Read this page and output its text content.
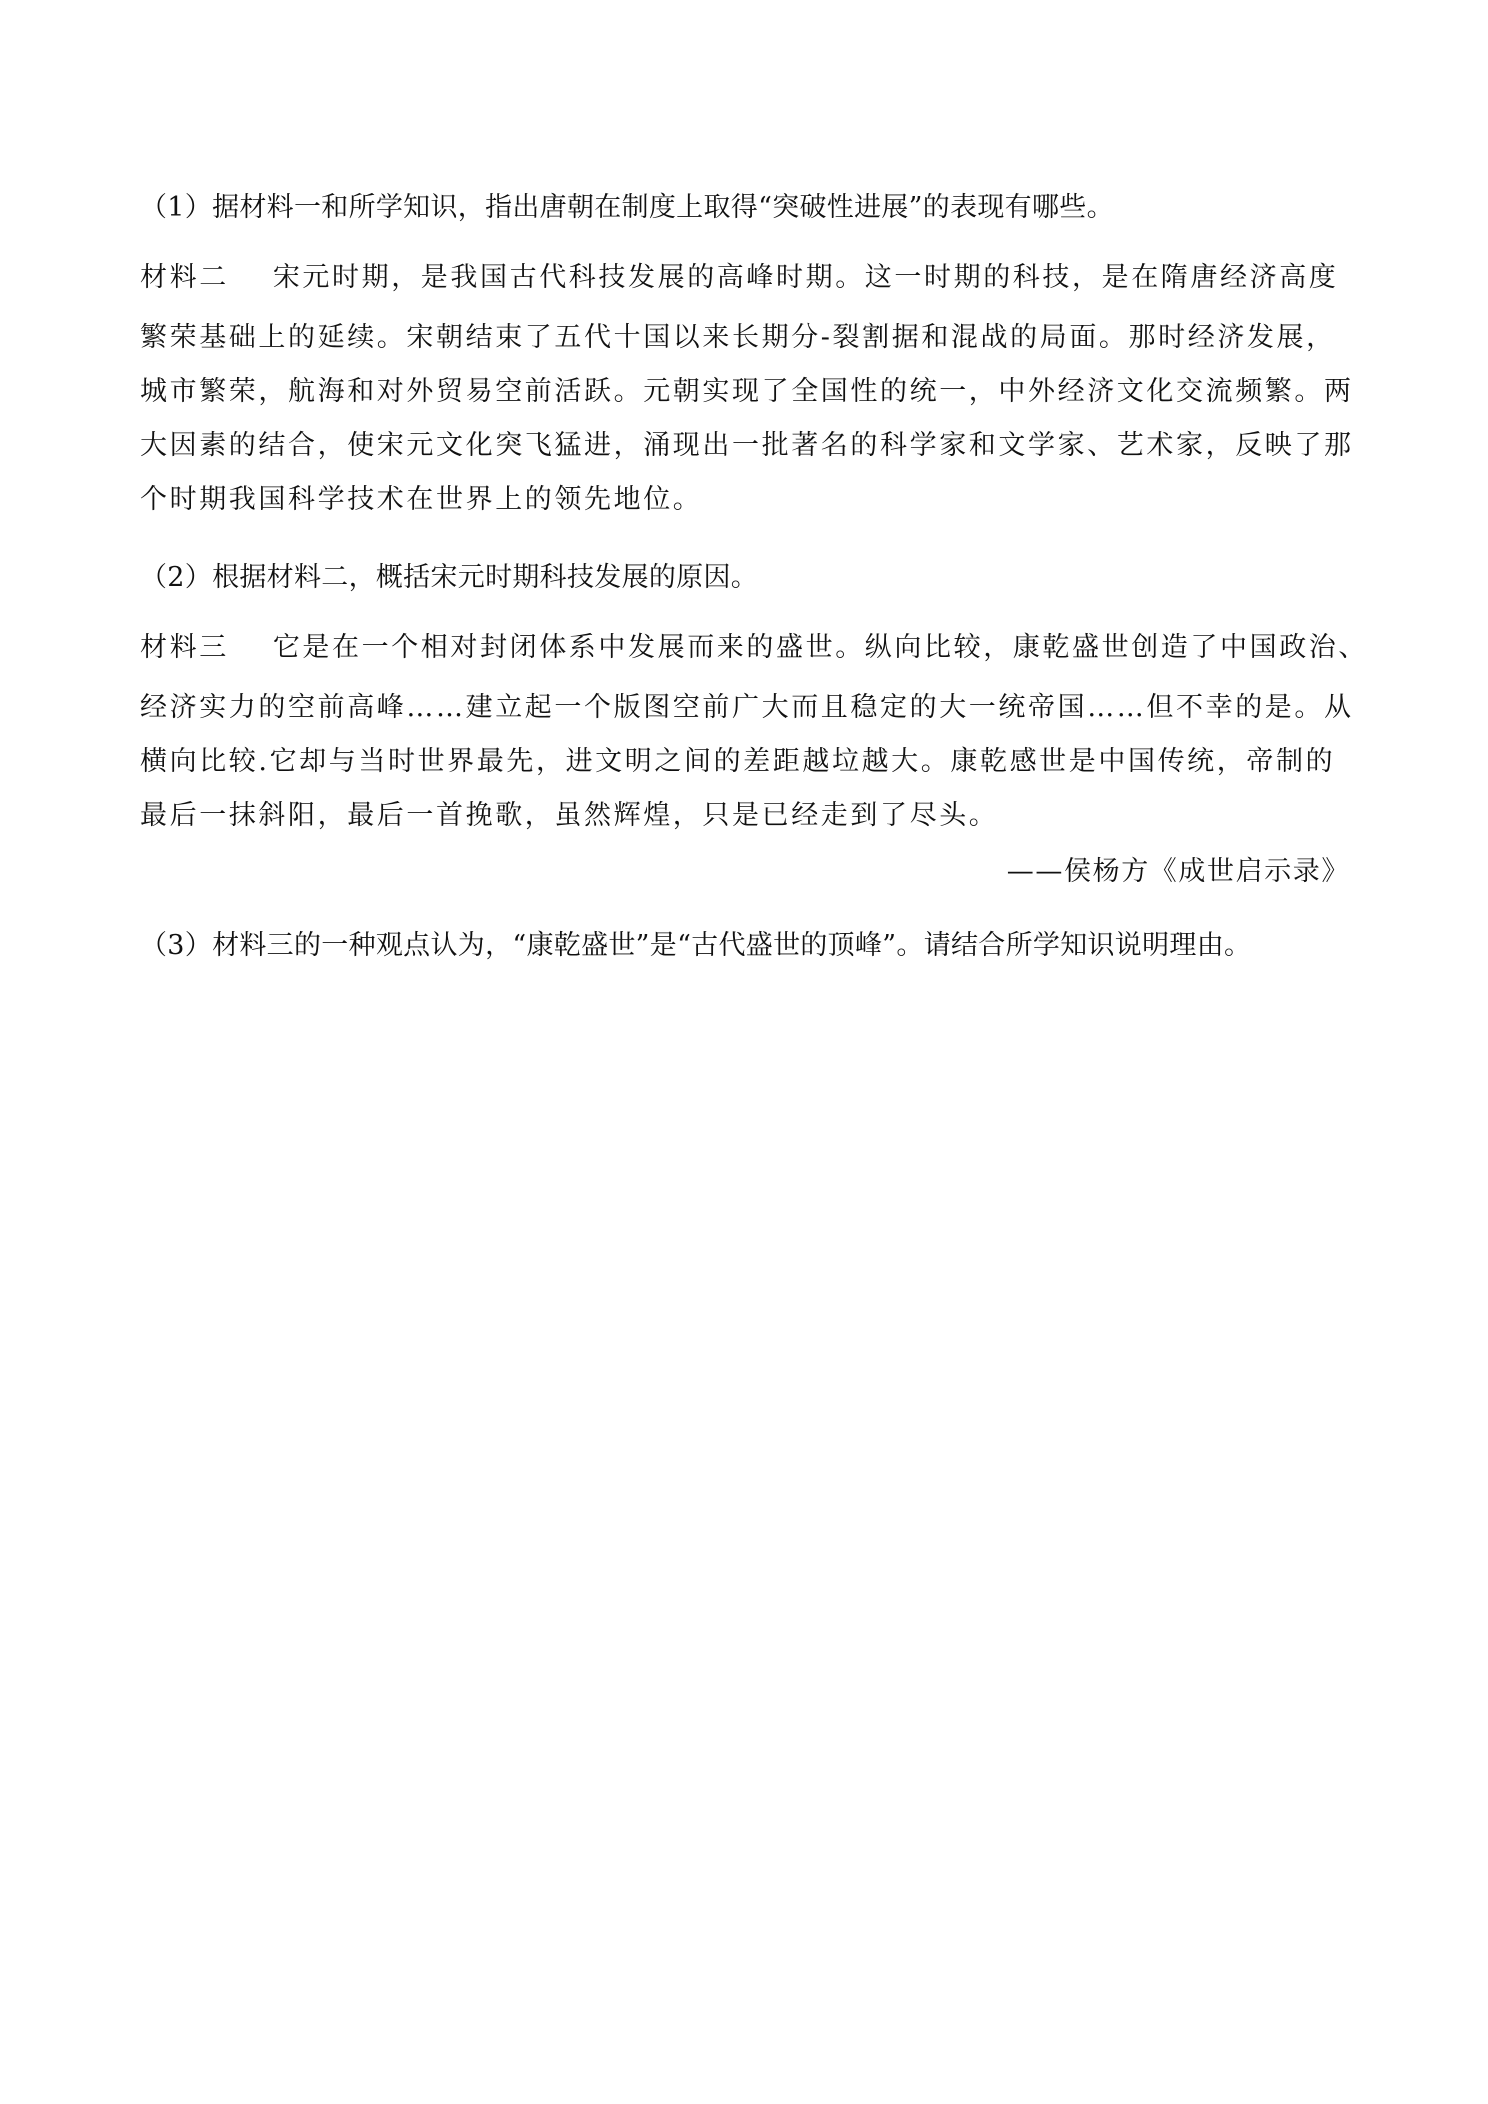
（1）据材料一和所学知识，指出唐朝在制度上取得“突破性进展”的表现有哪些。
材料二 宋元时期，是我国古代科技发展的高峰时期。这一时期的科技，是在隋唐经济高度
繁荣基础上的延续。宋朝结束了五代十国以来长期分-裂割据和混战的局面。那时经济发展，
城市繁荣，航海和对外贸易空前活跃。元朝实现了全国性的统一，中外经济文化交流频繁。两
大因素的结合，使宋元文化突飞猛进，涌现出一批著名的科学家和文学家、艺术家，反映了那
个时期我国科学技术在世界上的领先地位。
（2）根据材料二，概括宋元时期科技发展的原因。
材料三 它是在一个相对封闭体系中发展而来的盛世。纵向比较，康乾盛世创造了中国政治、
经济实力的空前高峰……建立起一个版图空前广大而且稳定的大一统帝国……但不幸的是。从
横向比较.它却与当时世界最先，进文明之间的差距越垃越大。康乾感世是中国传统，帝制的
最后一抹斜阳，最后一首挽歌，虽然辉煌，只是已经走到了尽头。
——侯杨方《成世启示录》
（3）材料三的一种观点认为，“康乾盛世”是“古代盛世的顶峰”。请结合所学知识说明理由。
